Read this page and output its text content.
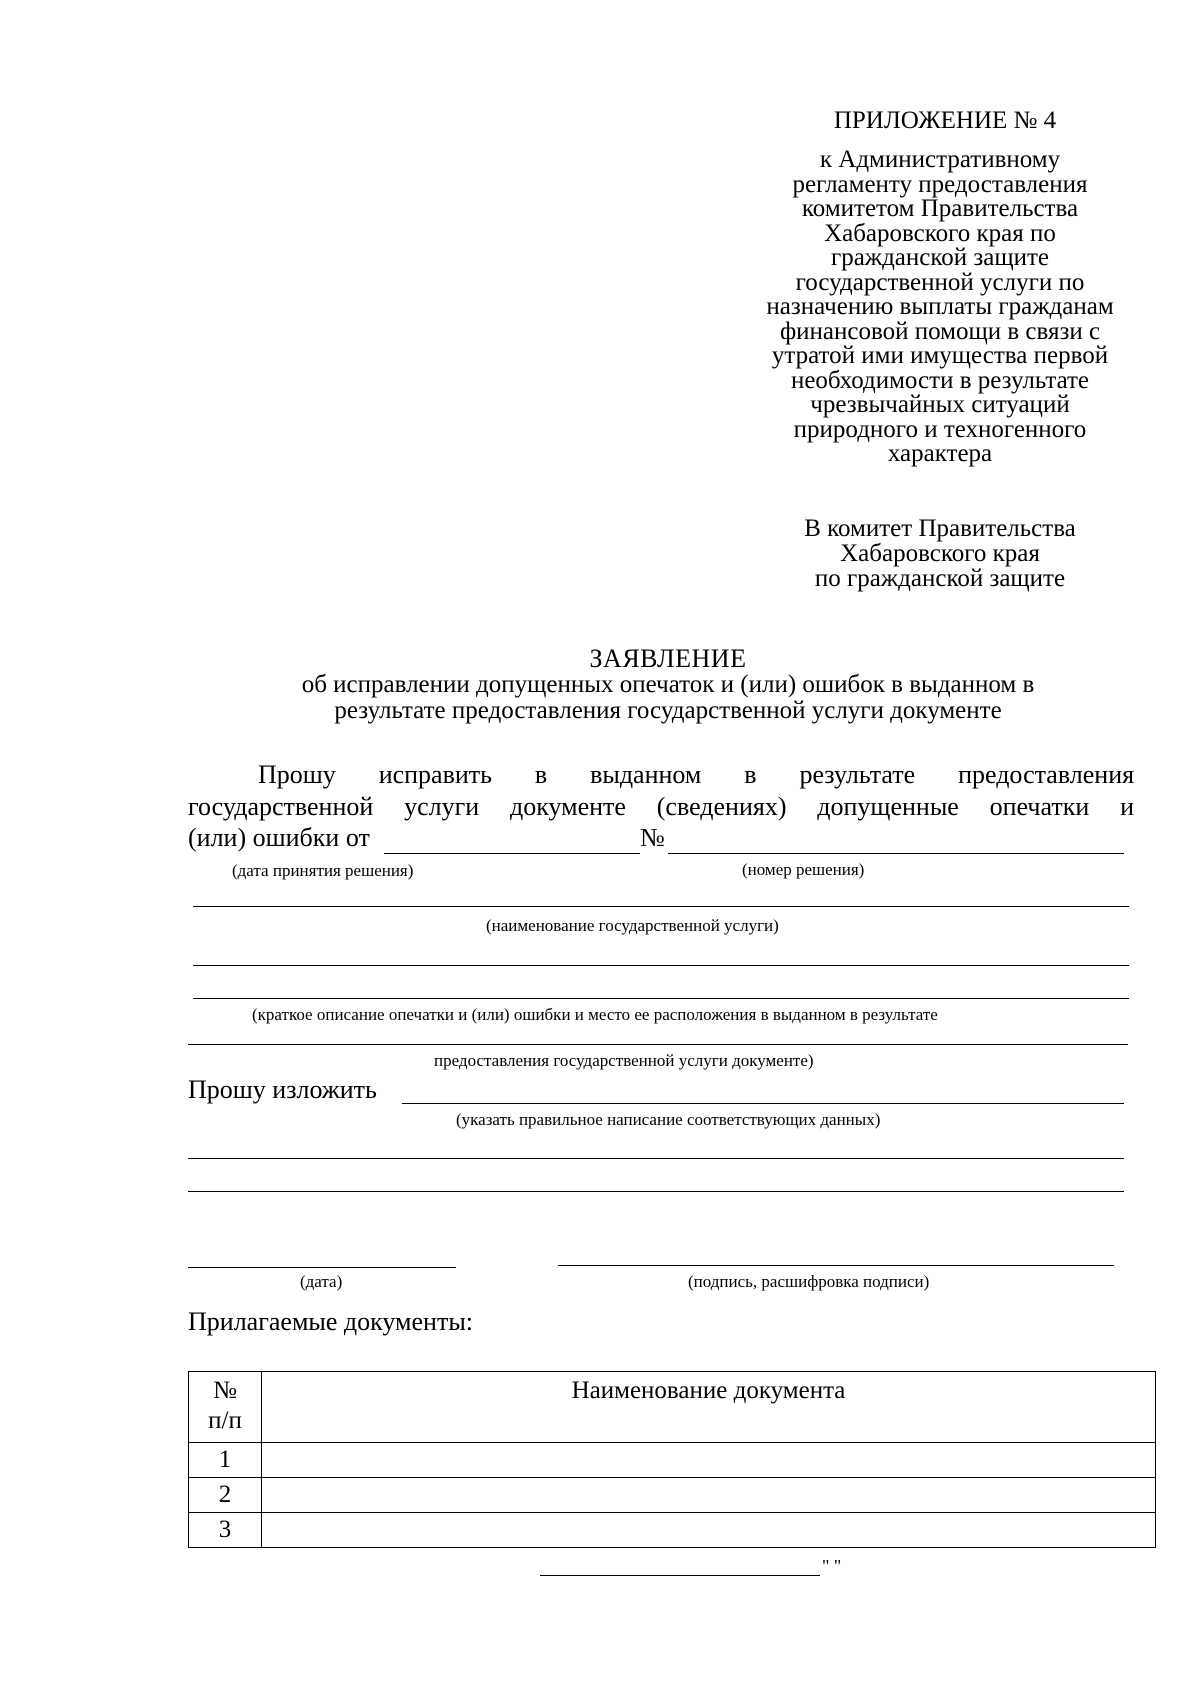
ПРИЛОЖЕНИЕ № 4
к Административному
регламенту предоставления
комитетом Правительства
Хабаровского края по
гражданской защите
государственной услуги по
назначению выплаты гражданам
финансовой помощи в связи с
утратой ими имущества первой
необходимости в результате
чрезвычайных ситуаций
природного и техногенного
характера
В комитет Правительства
Хабаровского края
по гражданской защите
ЗАЯВЛЕНИЕ
об исправлении допущенных опечаток и (или) ошибок в выданном в
результате предоставления государственной услуги документе
Прошу исправить в выданном в результате предоставления
государственной услуги документе (сведениях) допущенные опечатки и
(или) ошибки от	№
(дата принятия решения)	(номер решения)
(наименование государственной услуги)
(краткое описание опечатки и (или) ошибки и место ее расположения в выданном в результате
предоставления государственной услуги документе)
Прошу изложить
(указать правильное написание соответствующих данных)
(дата)	(подпись, расшифровка подписи)
Прилагаемые документы:
№
п/п	Наименование документа
1	
2	
3	
" "
